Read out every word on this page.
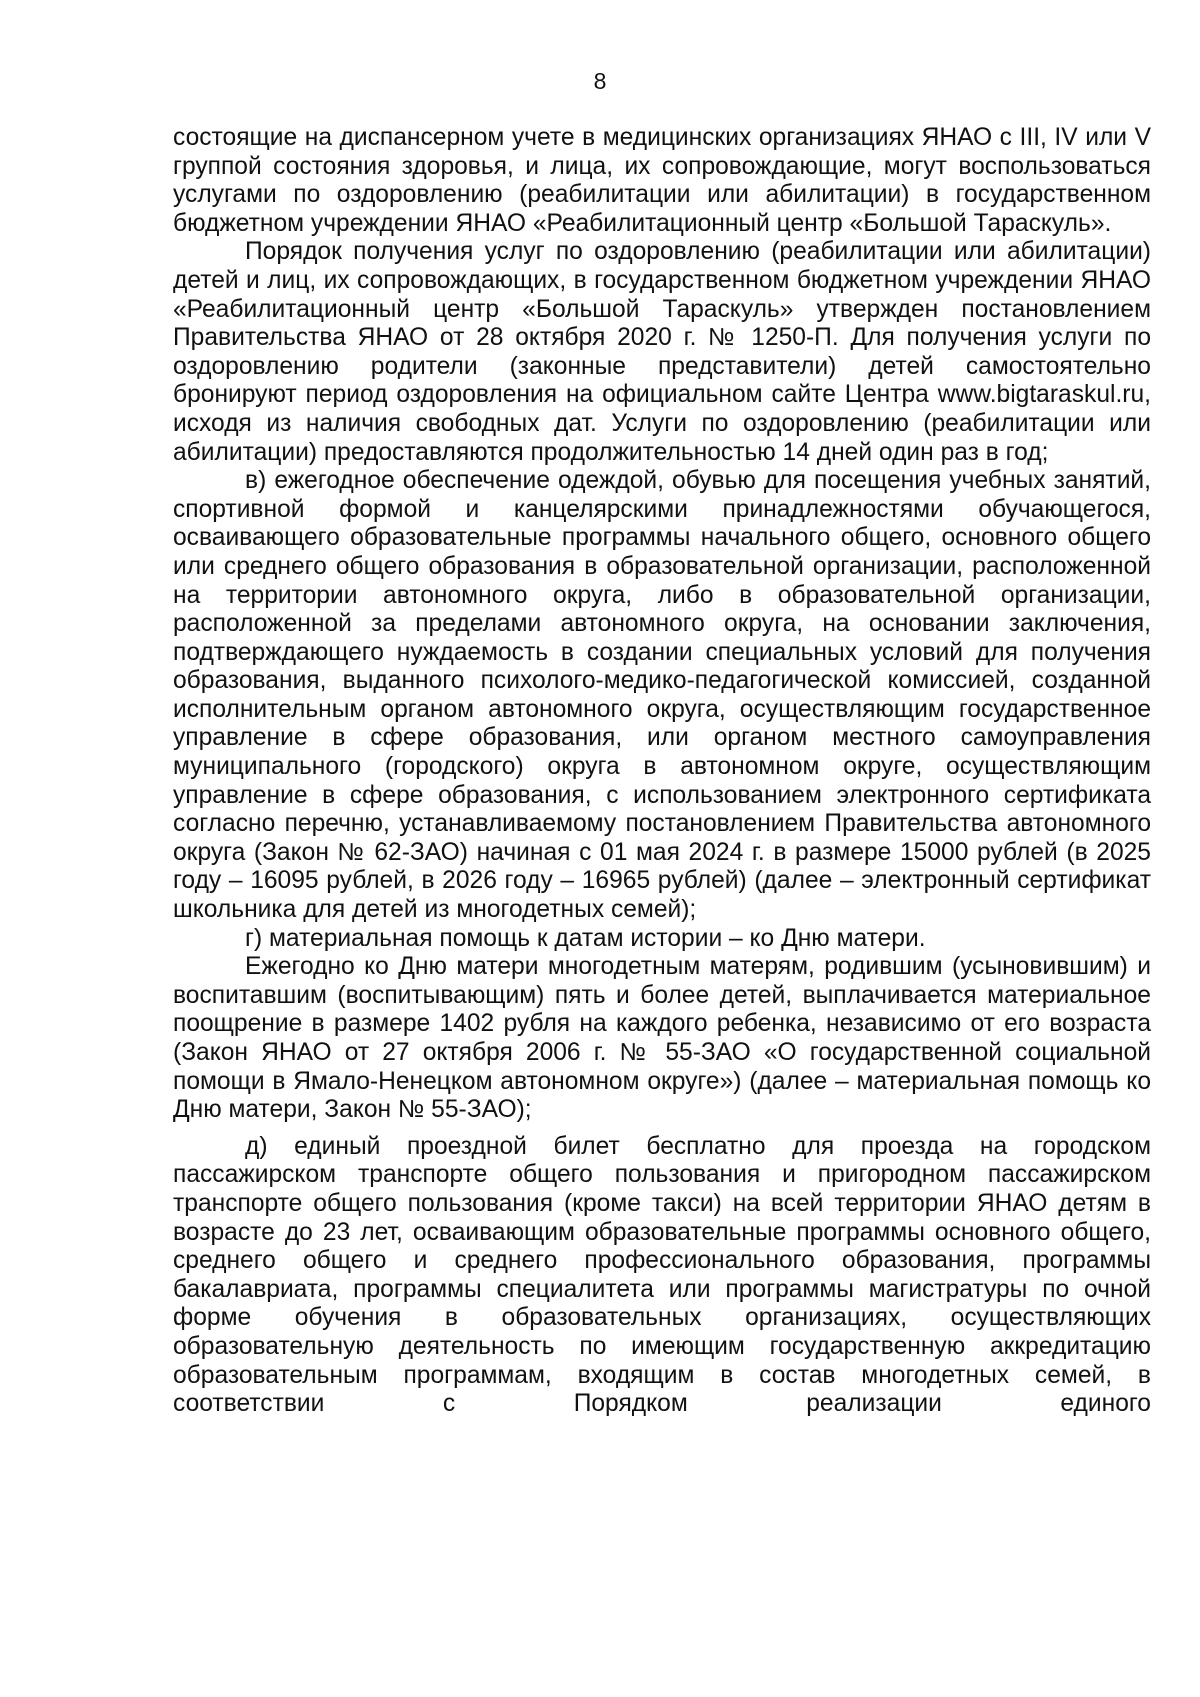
8

состоящие на диспансерном учете в медицинских организациях ЯНАО с III, IV или V группой состояния здоровья, и лица, их сопровождающие, могут воспользоваться услугами по оздоровлению (реабилитации или абилитации) в государственном бюджетном учреждении ЯНАО «Реабилитационный центр «Большой Тараскуль».

Порядок получения услуг по оздоровлению (реабилитации или абилитации) детей и лиц, их сопровождающих, в государственном бюджетном учреждении ЯНАО «Реабилитационный центр «Большой Тараскуль» утвержден постановлением Правительства ЯНАО от 28 октября 2020 г. № 1250-П. Для получения услуги по оздоровлению родители (законные представители) детей самостоятельно бронируют период оздоровления на официальном сайте Центра www.bigtaraskul.ru, исходя из наличия свободных дат. Услуги по оздоровлению (реабилитации или абилитации) предоставляются продолжительностью 14 дней один раз в год;

в) ежегодное обеспечение одеждой, обувью для посещения учебных занятий, спортивной формой и канцелярскими принадлежностями обучающегося, осваивающего образовательные программы начального общего, основного общего или среднего общего образования в образовательной организации, расположенной на территории автономного округа, либо в образовательной организации, расположенной за пределами автономного округа, на основании заключения, подтверждающего нуждаемость в создании специальных условий для получения образования, выданного психолого-медико-педагогической комиссией, созданной исполнительным органом автономного округа, осуществляющим государственное управление в сфере образования, или органом местного самоуправления муниципального (городского) округа в автономном округе, осуществляющим управление в сфере образования, с использованием электронного сертификата согласно перечню, устанавливаемому постановлением Правительства автономного округа (Закон № 62-ЗАО) начиная с 01 мая 2024 г. в размере 15000 рублей (в 2025 году – 16095 рублей, в 2026 году – 16965 рублей) (далее – электронный сертификат школьника для детей из многодетных семей);

г) материальная помощь к датам истории – ко Дню матери.

Ежегодно ко Дню матери многодетным матерям, родившим (усыновившим) и воспитавшим (воспитывающим) пять и более детей, выплачивается материальное поощрение в размере 1402 рубля на каждого ребенка, независимо от его возраста (Закон ЯНАО от 27 октября 2006 г. № 55-ЗАО «О государственной социальной помощи в Ямало-Ненецком автономном округе») (далее – материальная помощь ко Дню матери, Закон № 55-ЗАО);

д) единый проездной билет бесплатно для проезда на городском пассажирском транспорте общего пользования и пригородном пассажирском транспорте общего пользования (кроме такси) на всей территории ЯНАО детям в возрасте до 23 лет, осваивающим образовательные программы основного общего, среднего общего и среднего профессионального образования, программы бакалавриата, программы специалитета или программы магистратуры по очной форме обучения в образовательных организациях, осуществляющих образовательную деятельность по имеющим государственную аккредитацию образовательным программам, входящим в состав многодетных семей, в соответствии с Порядком реализации единого
